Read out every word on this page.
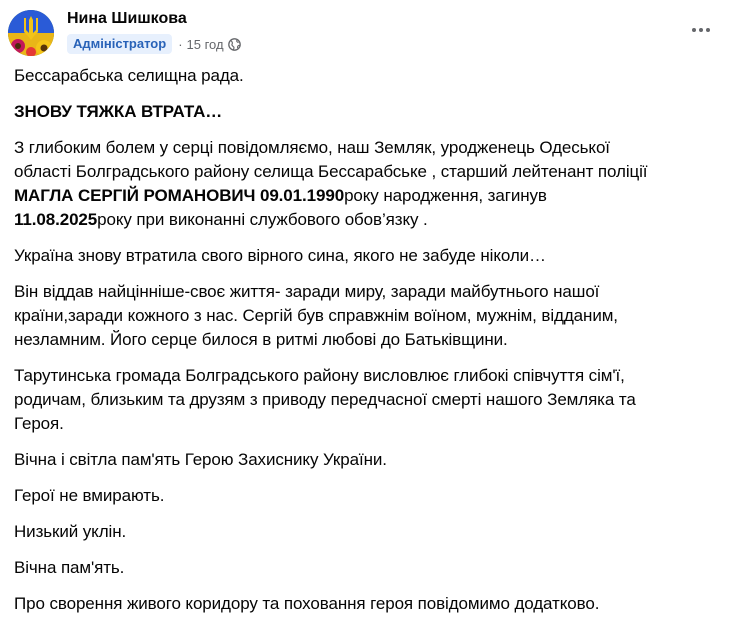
Нина Шишкова
Адміністратор · 15 год

Бессарабська селищна рада.

ЗНОВУ ТЯЖКА ВТРАТА…

З глибоким болем у серці повідомляємо, наш Земляк, уродженець Одеської
області Болградського району селища Бессарабське , старший лейтенант поліції
МАГЛА СЕРГІЙ РОМАНОВИЧ 09.01.1990року народження, загинув
11.08.2025року при виконанні службового обов’язку .

Україна знову втратила свого вірного сина, якого не забуде ніколи…

Він віддав найцінніше-своє життя- заради миру, заради майбутнього нашої
країни,заради кожного з нас. Сергій був справжнім воїном, мужнім, відданим,
незламним. Його серце билося в ритмі любові до Батьківщини.

Тарутинська громада Болградського району висловлює глибокі співчуття сім'ї,
родичам, близьким та друзям з приводу передчасної смерті нашого Земляка та
Героя.

Вічна і світла пам'ять Герою Захиснику України.

Герої не вмирають.

Низький уклін.

Вічна пам'ять.

Про сворення живого коридору та поховання героя повідомимо додатково.
